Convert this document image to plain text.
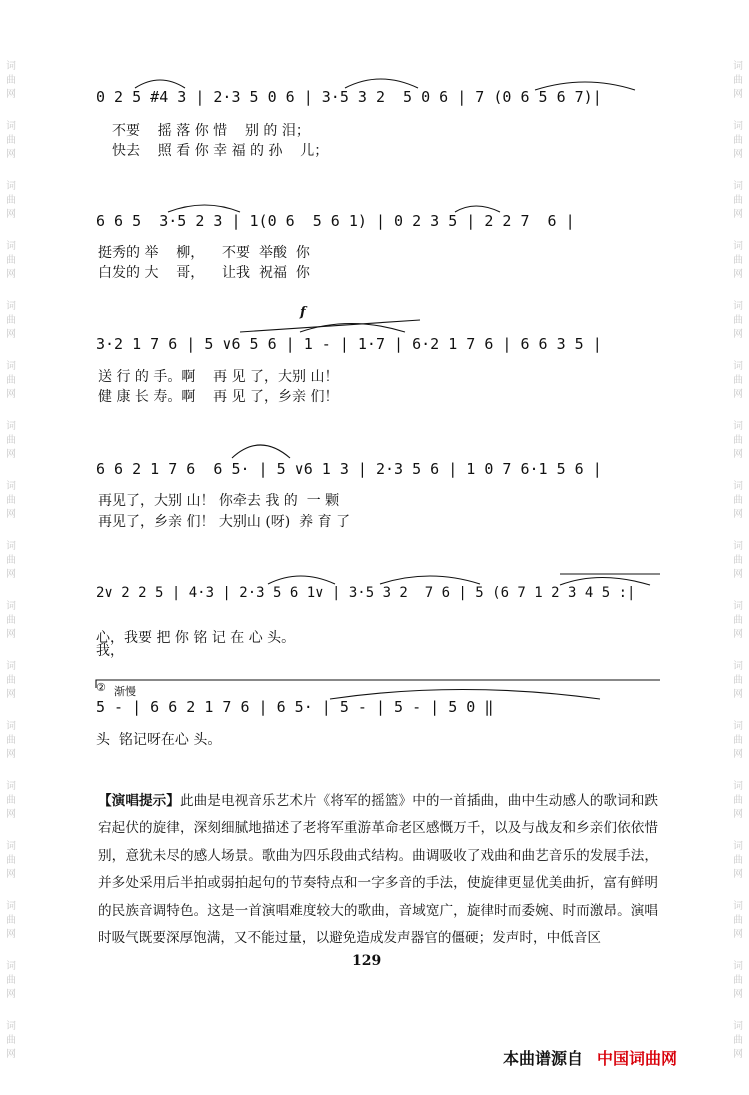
词
曲
网
词
曲
网
词
曲
网
词
曲
网
词
曲
网
词
曲
网
词
曲
网
词
曲
网
词
曲
网
词
曲
网
词
曲
网
词
曲
网
词
曲
网
词
曲
网
词
曲
网
词
曲
网
词
曲
网
词
曲
网
词
曲
网
词
曲
网
词
曲
网
词
曲
网
词
曲
网
词
曲
网
词
曲
网
词
曲
网
词
曲
网
词
曲
网
词
曲
网
词
曲
网
词
曲
网
词
曲
网
词
曲
网
词
曲
网
0 2 5 #4 3 | 2·3 5 0 6 | 3·5 3 2  5 0 6 | 7 (0 6 5 6 7)|
不要    摇 落 你 惜    别 的 泪；
快去    照 看 你 幸 福 的 孙    儿；
6 6 5  3·5 2 3 | 1(0 6  5 6 1) | 0 2 3 5 | 2 2 7  6 |
挺秀的 举    柳，    不要  举酸  你
白发的 大    哥，    让我  祝福  你
f
3·2 1 7 6 | 5 ∨6 5 6 | 1 - | 1·7 | 6·2 1 7 6 | 6 6 3 5 |
送 行 的 手。啊    再 见 了，大别 山！
健 康 长 寿。啊    再 见 了，乡亲 们！
6 6 2 1 7 6  6 5· | 5 ∨6 1 3 | 2·3 5 6 | 1 0 7 6·1 5 6 |
再见了，大别 山！ 你牵去 我 的  一 颗
再见了，乡亲 们！ 大别山 (呀)  养 育 了
2∨ 2 2 5 | 4·3 | 2·3 5 6 1∨ | 3·5 3 2  7 6 | 5 (6 7 1 2 3 4 5 :|
心，我要 把 你 铭 记 在 心 头。
我，
② 渐慢
5 - | 6 6 2 1 7 6 | 6 5· | 5 - | 5 - | 5 0 ‖
头  铭记呀在心 头。
【演唱提示】此曲是电视音乐艺术片《将军的摇篮》中的一首插曲，曲中生动感人的歌词和跌宕起伏的旋律，深刻细腻地描述了老将军重游革命老区感慨万千，以及与战友和乡亲们依依惜别，意犹未尽的感人场景。歌曲为四乐段曲式结构。曲调吸收了戏曲和曲艺音乐的发展手法，并多处采用后半拍或弱拍起句的节奏特点和一字多音的手法，使旋律更显优美曲折，富有鲜明的民族音调特色。这是一首演唱难度较大的歌曲，音域宽广，旋律时而委婉、时而激昂。演唱时吸气既要深厚饱满，又不能过量，以避免造成发声器官的僵硬；发声时，中低音区
129
本曲谱源自 中国词曲网
